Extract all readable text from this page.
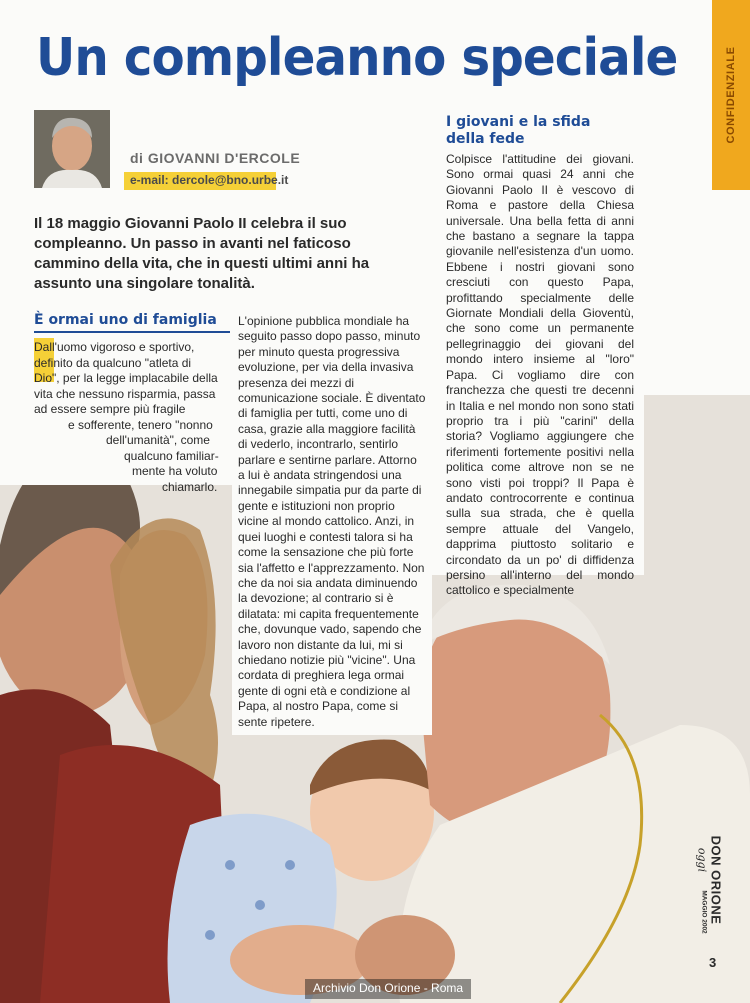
CONFIDENZIALE
Un compleanno speciale
di GIOVANNI D'ERCOLE
e-mail: dercole@bno.urbe.it
Il 18 maggio Giovanni Paolo II celebra il suo compleanno. Un passo in avanti nel faticoso cammino della vita, che in questi ultimi anni ha assunto una singolare tonalità.
È ormai uno di famiglia
Dall'uomo vigoroso e sportivo,
definito da qualcuno "atleta di
Dio", per la legge implacabile della
vita che nessuno risparmia, passa
ad essere sempre più fragile
e sofferente, tenero "nonno
dell'umanità", come
qualcuno familiar-
mente ha voluto
chiamarlo.
L'opinione pubblica mondiale ha seguito passo dopo passo, minuto per minuto questa progressiva evoluzione, per via della invasiva presenza dei mezzi di comunicazione sociale. È diventato di famiglia per tutti, come uno di casa, grazie alla maggiore facilità di vederlo, incontrarlo, sentirlo parlare e sentirne parlare. Attorno a lui è andata stringendosi una innegabile simpatia pur da parte di gente e istituzioni non proprio vicine al mondo cattolico. Anzi, in quei luoghi e contesti talora si ha come la sensazione che più forte sia l'affetto e l'apprezzamento. Non che da noi sia andata diminuendo la devozione; al contrario si è dilatata: mi capita frequentemente che, dovunque vado, sapendo che lavoro non distante da lui, mi si chiedano notizie più "vicine". Una cordata di preghiera lega ormai gente di ogni età e condizione al Papa, al nostro Papa, come si sente ripetere.
I giovani e la sfida della fede
Colpisce l'attitudine dei giovani. Sono ormai quasi 24 anni che Giovanni Paolo II è vescovo di Roma e pastore della Chiesa universale. Una bella fetta di anni che bastano a segnare la tappa giovanile nell'esistenza d'un uomo. Ebbene i nostri giovani sono cresciuti con questo Papa, profittando specialmente delle Giornate Mondiali della Gioventù, che sono come un permanente pellegrinaggio dei giovani del mondo intero insieme al "loro" Papa. Ci vogliamo dire con franchezza che questi tre decenni in Italia e nel mondo non sono stati proprio tra i più "carini" della storia? Vogliamo aggiungere che riferimenti fortemente positivi nella politica come altrove non se ne sono visti poi troppi? Il Papa è andato controcorrente e continua sulla sua strada, che è quella sempre attuale del Vangelo, dapprima piuttosto solitario e circondato da un po' di diffidenza persino all'interno del mondo cattolico e specialmente
DON ORIONE
oggi
MAGGIO 2002
3
Archivio Don Orione - Roma
